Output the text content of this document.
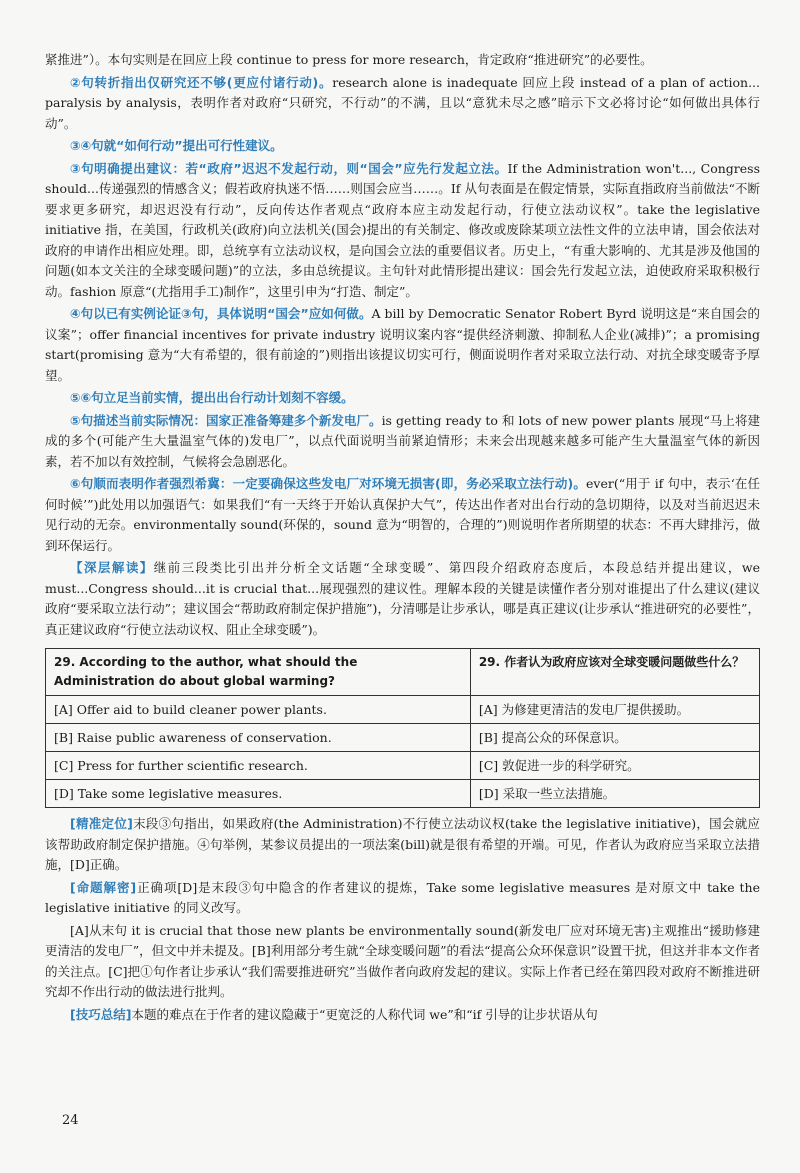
紧推进”）。本句实则是在回应上段 continue to press for more research，肯定政府“推进研究”的必要性。

②句转折指出仅研究还不够(更应付诸行动)。research alone is inadequate 回应上段 instead of a plan of action... paralysis by analysis，表明作者对政府“只研究，不行动”的不满，且以“意犹未尽之感”暗示下文必将讨论“如何做出具体行动”。

③④句就“如何行动”提出可行性建议。

③句明确提出建议：若“政府”迟迟不发起行动，则“国会”应先行发起立法。If the Administration won't..., Congress should...传递强烈的情感含义；假若政府执迷不悟……则国会应当……。If 从句表面是在假定情景，实际直指政府当前做法“不断要求更多研究，却迟迟没有行动”，反向传达作者观点“政府本应主动发起行动，行使立法动议权”。take the legislative initiative 指，在美国，行政机关(政府)向立法机关(国会)提出的有关制定、修改或废除某项立法性文件的立法申请，国会依法对政府的申请作出相应处理。即，总统享有立法动议权，是向国会立法的重要倡议者。历史上，“有重大影响的、尤其是涉及他国的问题(如本文关注的全球变暖问题)”的立法，多由总统提议。主句针对此情形提出建议：国会先行发起立法，迫使政府采取积极行动。fashion 原意“(尤指用手工)制作”，这里引申为“打造、制定”。

④句以已有实例论证③句，具体说明“国会”应如何做。A bill by Democratic Senator Robert Byrd 说明这是“来自国会的议案”；offer financial incentives for private industry 说明议案内容“提供经济刺激、抑制私人企业(减排)”；a promising start(promising 意为“大有希望的，很有前途的”)则指出该提议切实可行，侧面说明作者对采取立法行动、对抗全球变暖寄予厚望。

⑤⑥句立足当前实情，提出出台行动计划刻不容缓。

⑤句描述当前实际情况：国家正准备筹建多个新发电厂。is getting ready to 和 lots of new power plants 展现“马上将建成的多个(可能产生大量温室气体的)发电厂”，以点代面说明当前紧迫情形；未来会出现越来越多可能产生大量温室气体的新因素，若不加以有效控制，气候将会急剧恶化。

⑥句顺而表明作者强烈希冀：一定要确保这些发电厂对环境无损害(即，务必采取立法行动)。ever(“用于 if 句中，表示‘在任何时候’”)此处用以加强语气：如果我们“有一天终于开始认真保护大气”，传达出作者对出台行动的急切期待，以及对当前迟迟未见行动的无奈。environmentally sound(环保的，sound 意为“明智的，合理的”)则说明作者所期望的状态：不再大肆排污，做到环保运行。

【深层解读】继前三段类比引出并分析全文话题“全球变暖”、第四段介绍政府态度后，本段总结并提出建议，we must...Congress should...it is crucial that...展现强烈的建议性。理解本段的关键是读懂作者分别对谁提出了什么建议(建议政府“要采取立法行动”；建议国会“帮助政府制定保护措施”)，分清哪是让步承认，哪是真正建议(让步承认“推进研究的必要性”，真正建议政府“行使立法动议权、阻止全球变暖”)。

29. According to the author, what should the Administration do about global warming?	29. 作者认为政府应该对全球变暖问题做些什么？
[A] Offer aid to build cleaner power plants.	[A] 为修建更清洁的发电厂提供援助。
[B] Raise public awareness of conservation.	[B] 提高公众的环保意识。
[C] Press for further scientific research.	[C] 敦促进一步的科学研究。
[D] Take some legislative measures.	[D] 采取一些立法措施。

[精准定位]末段③句指出，如果政府(the Administration)不行使立法动议权(take the legislative initiative)，国会就应该帮助政府制定保护措施。④句举例，某参议员提出的一项法案(bill)就是很有希望的开端。可见，作者认为政府应当采取立法措施，[D]正确。

[命题解密]正确项[D]是末段③句中隐含的作者建议的提炼，Take some legislative measures 是对原文中 take the legislative initiative 的同义改写。

[A]从末句 it is crucial that those new plants be environmentally sound(新发电厂应对环境无害)主观推出“援助修建更清洁的发电厂”，但文中并未提及。[B]利用部分考生就“全球变暖问题”的看法“提高公众环保意识”设置干扰，但这并非本文作者的关注点。[C]把①句作者让步承认“我们需要推进研究”当做作者向政府发起的建议。实际上作者已经在第四段对政府不断推进研究却不作出行动的做法进行批判。

[技巧总结]本题的难点在于作者的建议隐藏于“更宽泛的人称代词 we”和“if 引导的让步状语从句

24
